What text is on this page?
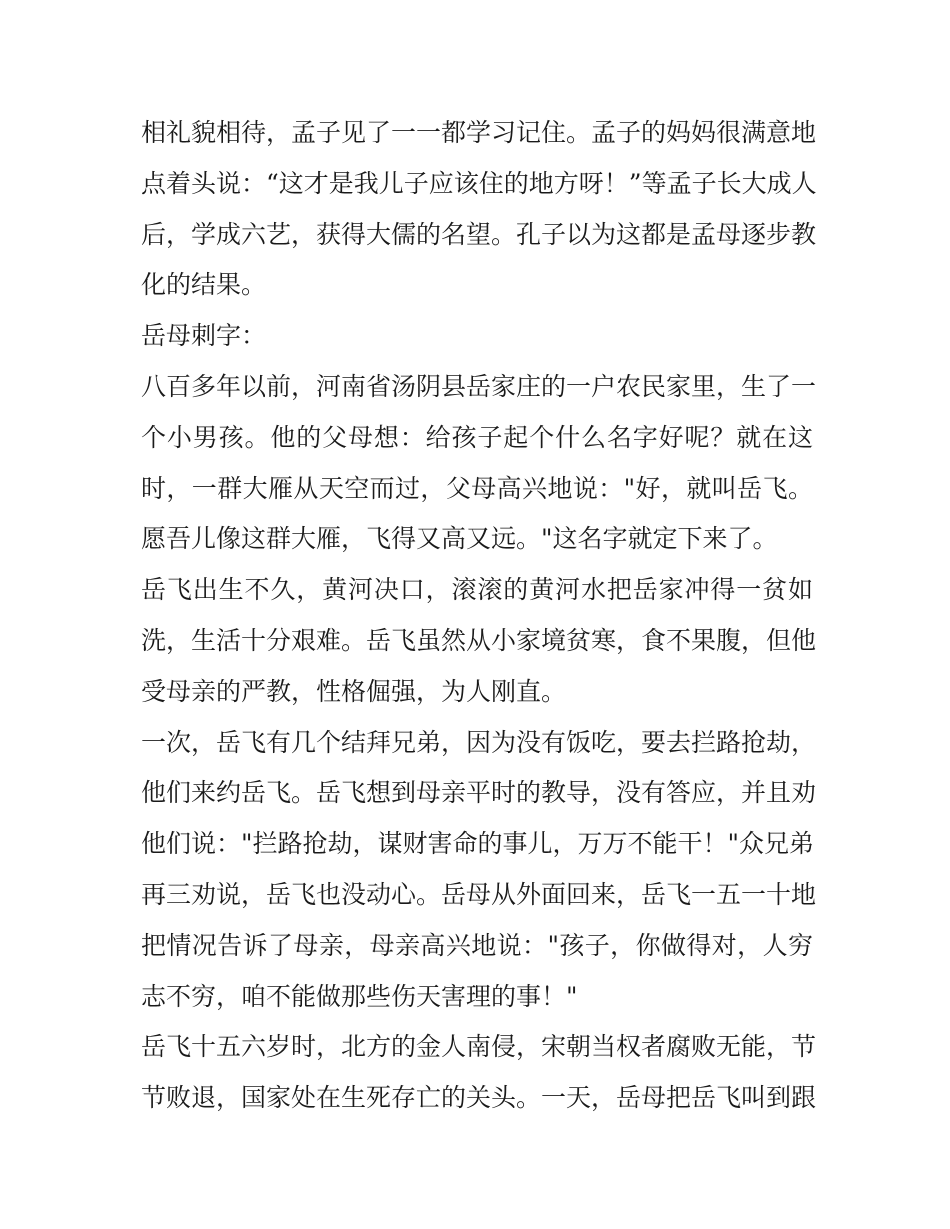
相礼貌相待，孟子见了一一都学习记住。孟子的妈妈很满意地

点着头说：“这才是我儿子应该住的地方呀！”等孟子长大成人

后，学成六艺，获得大儒的名望。孔子以为这都是孟母逐步教

化的结果。

岳母刺字：

八百多年以前，河南省汤阴县岳家庄的一户农民家里，生了一

个小男孩。他的父母想：给孩子起个什么名字好呢？就在这

时，一群大雁从天空而过，父母高兴地说："好，就叫岳飞。

愿吾儿像这群大雁，飞得又高又远。"这名字就定下来了。

岳飞出生不久，黄河决口，滚滚的黄河水把岳家冲得一贫如

洗，生活十分艰难。岳飞虽然从小家境贫寒，食不果腹，但他

受母亲的严教，性格倔强，为人刚直。

一次，岳飞有几个结拜兄弟，因为没有饭吃，要去拦路抢劫，

他们来约岳飞。岳飞想到母亲平时的教导，没有答应，并且劝

他们说："拦路抢劫，谋财害命的事儿，万万不能干！"众兄弟

再三劝说，岳飞也没动心。岳母从外面回来，岳飞一五一十地

把情况告诉了母亲，母亲高兴地说："孩子，你做得对，人穷

志不穷，咱不能做那些伤天害理的事！"

岳飞十五六岁时，北方的金人南侵，宋朝当权者腐败无能，节

节败退，国家处在生死存亡的关头。一天，岳母把岳飞叫到跟
